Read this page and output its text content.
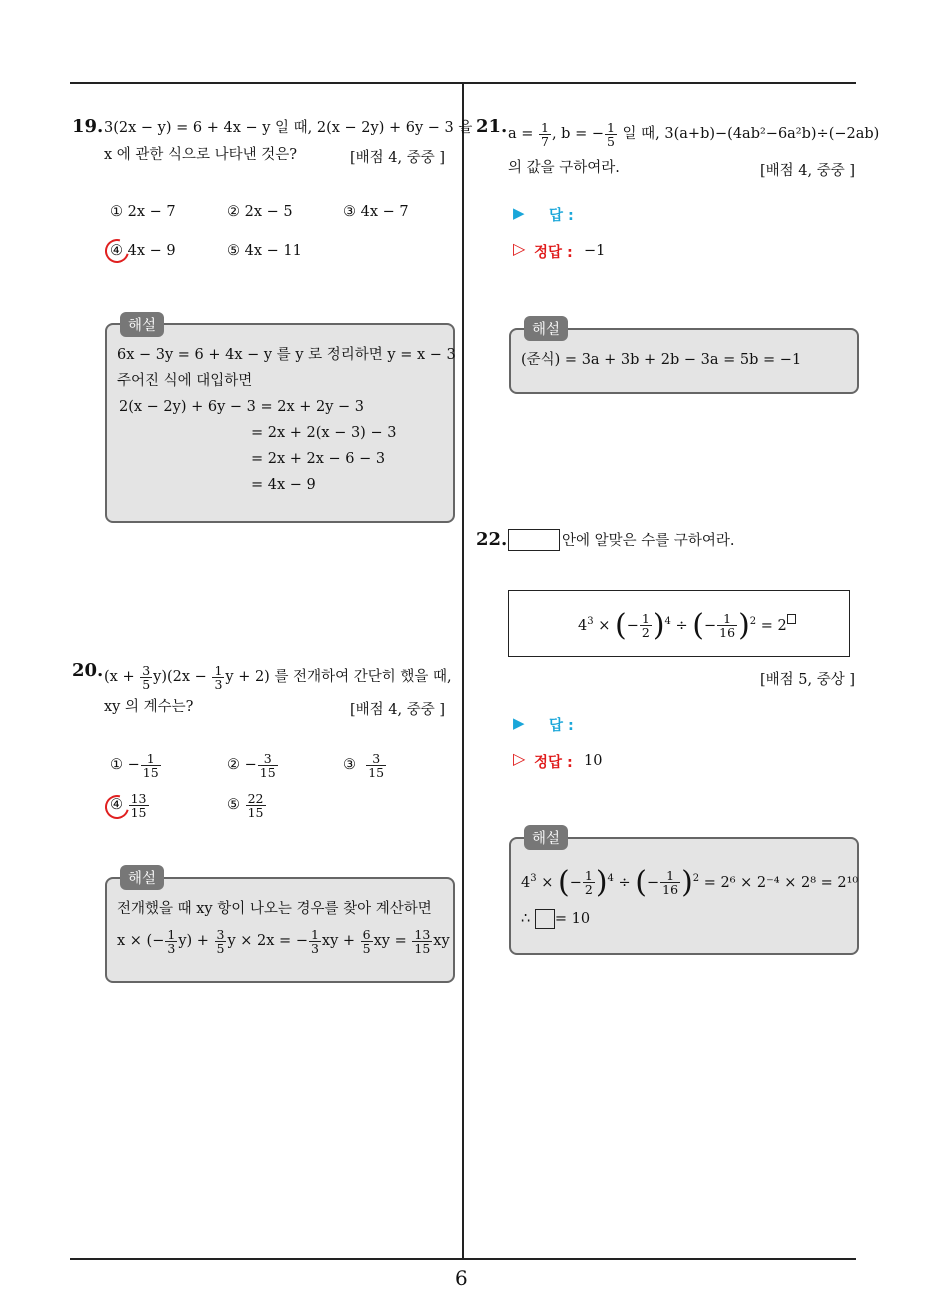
6
19. 3(2x − y) = 6 + 4x − y 일 때, 2(x − 2y) + 6y − 3 을
x 에 관한 식으로 나타낸 것은?	[배점 4, 중중 ]
① 2x − 7	② 2x − 5	③ 4x − 7
④ 4x − 9	⑤ 4x − 11
해설
6x − 3y = 6 + 4x − y 를 y 로 정리하면 y = x − 3
주어진 식에 대입하면
2(x − 2y) + 6y − 3 = 2x + 2y − 3
= 2x + 2(x − 3) − 3
= 2x + 2x − 6 − 3
= 4x − 9
20. $(x + \frac{3}{5} y)(2x - \frac{1}{3}$ y + 2) 를 전개하여 간단히 했을 때,
xy 의 계수는?	[배점 4, 중중 ]
① − $\frac{1}{15}$	② − $\frac{3}{15}$	③ $\frac{3}{15}$
④ $\frac{13}{15}$	⑤ $\frac{22}{15}$
해설
전개했을 때 xy 항이 나오는 경우를 찾아 계산하면
x × (− $\frac{1}{3} y) + \frac{3}{5}$ y × 2x = − $\frac{1}{3}$ xy + $\frac{6}{5}$ xy = $\frac{13}{15}$ xy
21. $a = \frac{1}{7}$ , b = − $\frac{1}{5}$ 일 때, 3(a+b)−(4ab²−6a²b)÷(−2ab)
의 값을 구하여라.	[배점 4, 중중 ]
▶ 답 :
▷ 정답 : −1
해설
(준식) = 3a + 3b + 2b − 3a = 5b = −1
22.	안에 알맞은 수를 구하여라.
$4^3$ × (− $\frac{1}{2} )^4$ ÷ (− $\frac{1}{16} )^2 = 2$
[배점 5, 중상 ]
▶ 답 :
▷ 정답 : 10
해설
$4^3$ × (− $\frac{1}{2} )^4$ ÷ (− $\frac{1}{16} )^2 = 2^6 \times 2^{-4} \times 2^8 = 2^{10}$
∴ = 10
